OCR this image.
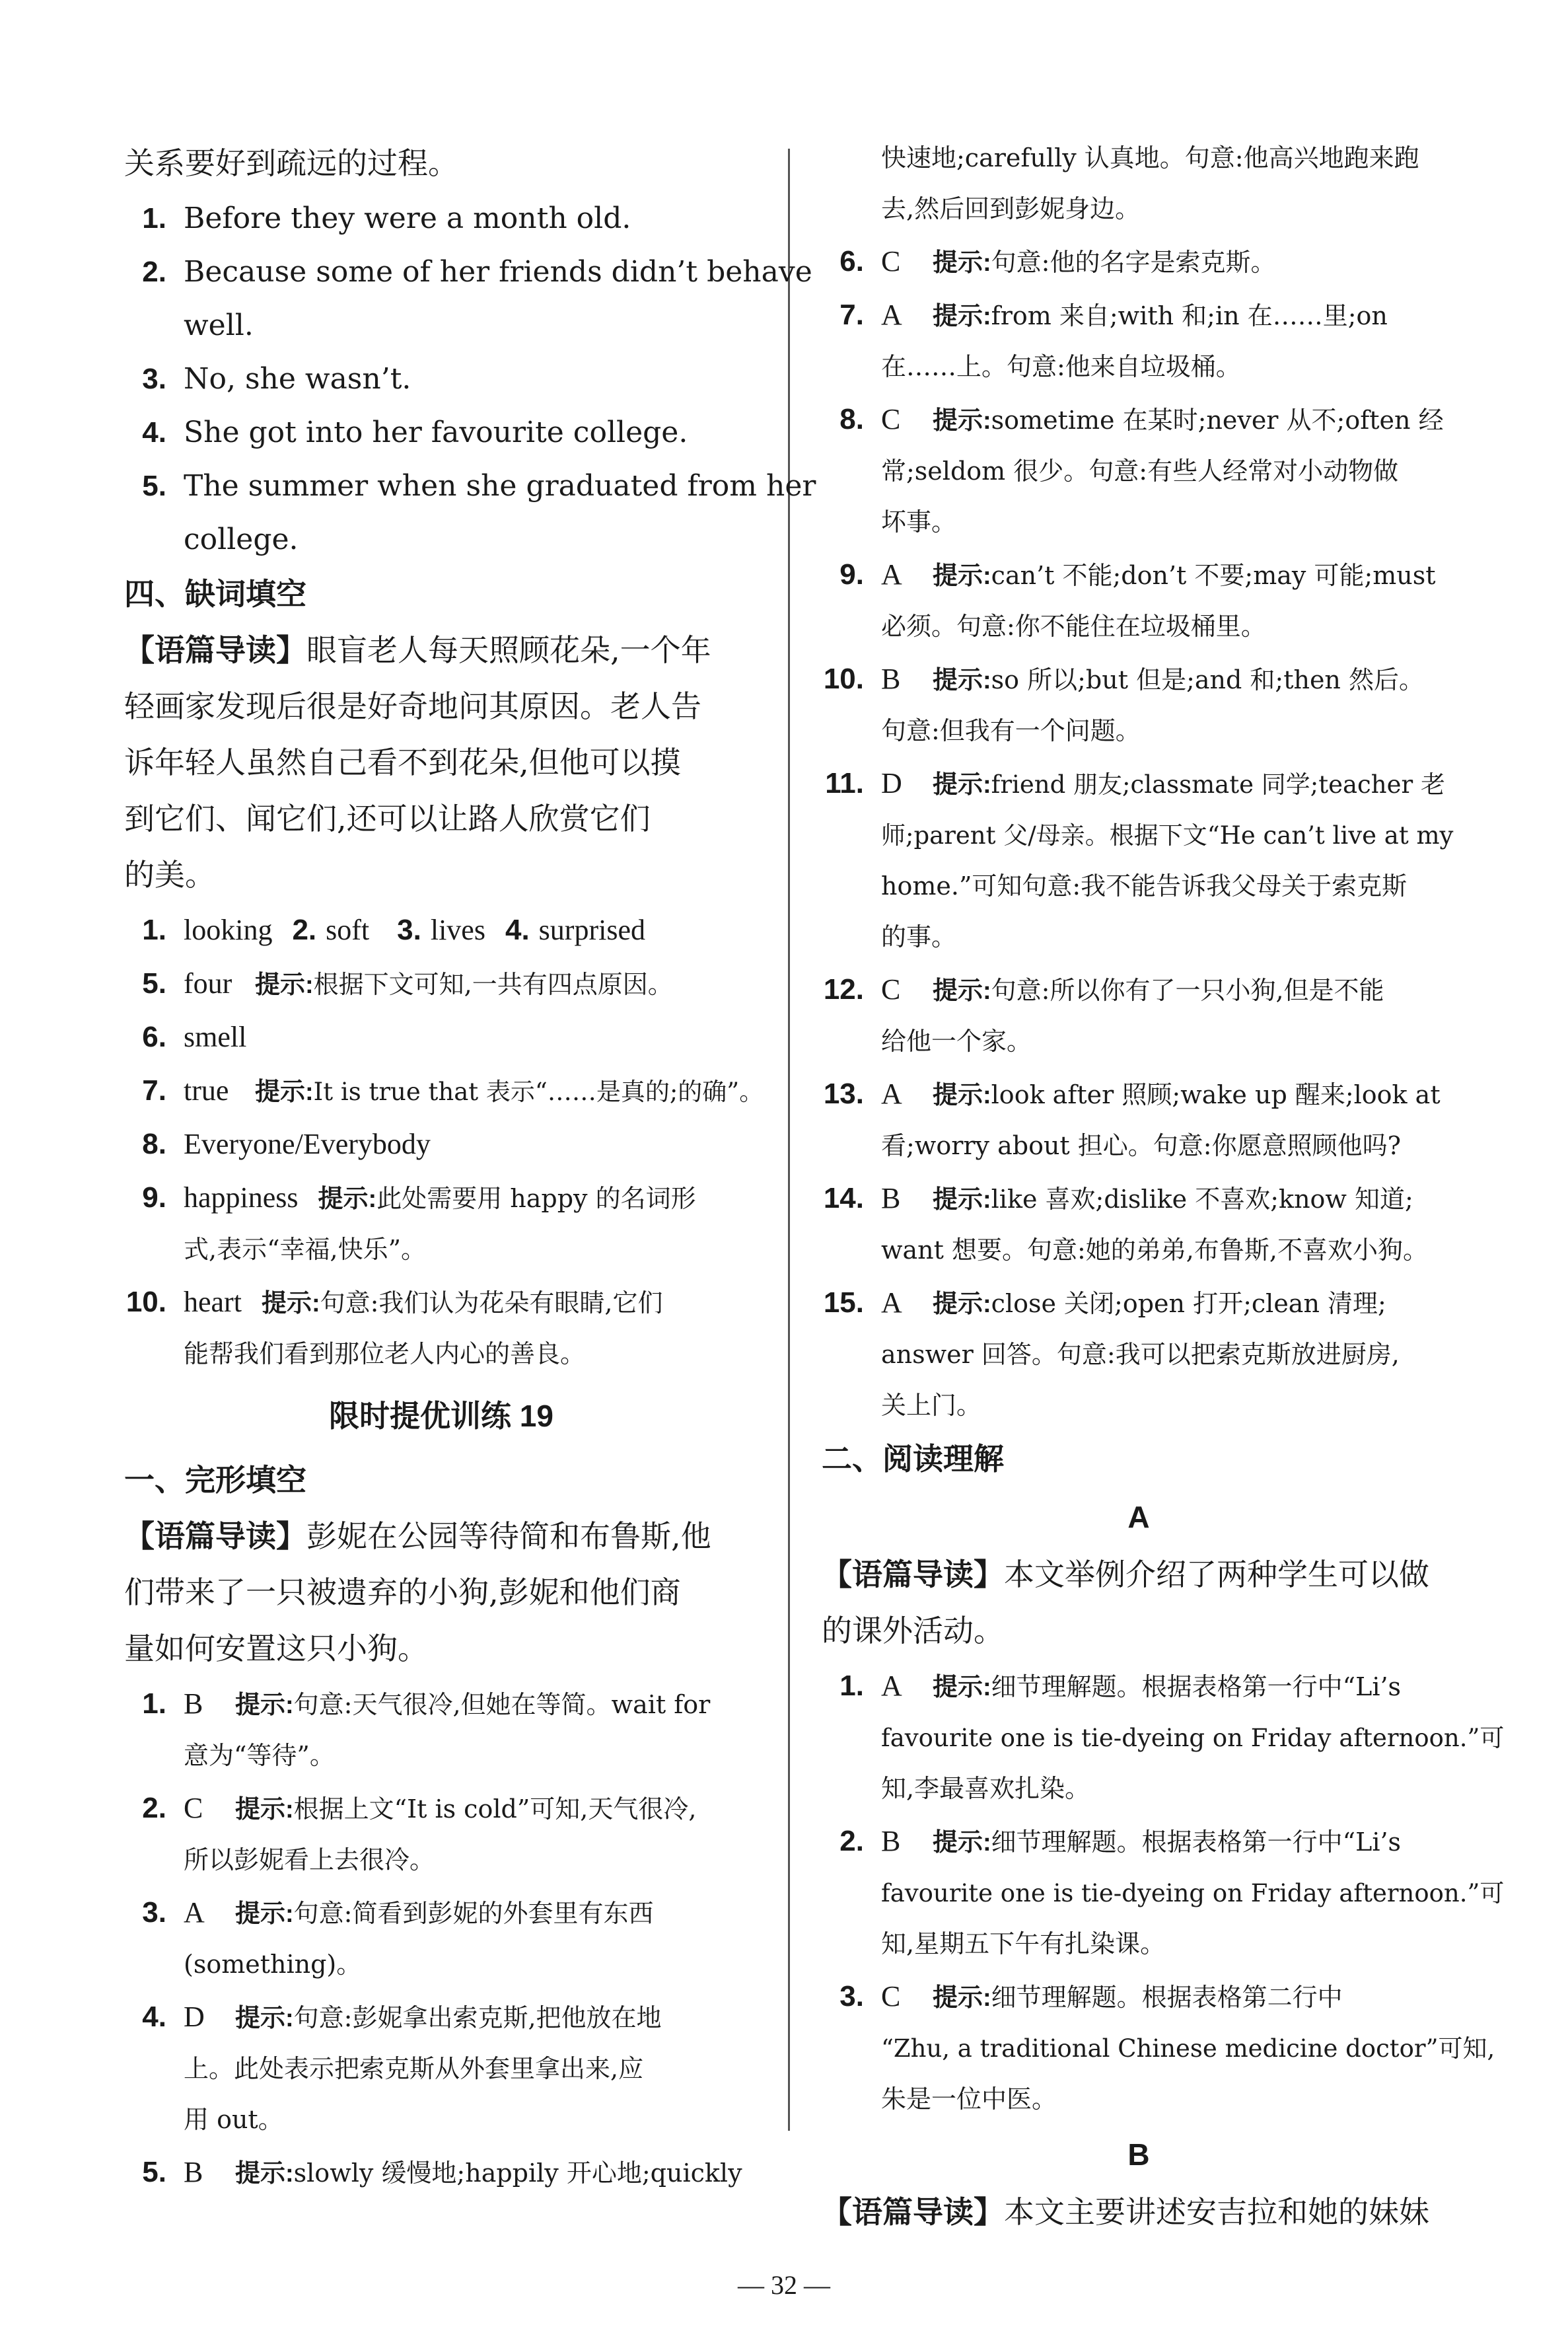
关系要好到疏远的过程。
1. Before they were a month old.
2. Because some of her friends didn’t behave
well.
3. No, she wasn’t.
4. She got into her favourite college.
5. The summer when she graduated from her
college.
四、缺词填空
【语篇导读】眼盲老人每天照顾花朵,一个年
轻画家发现后很是好奇地问其原因。老人告
诉年轻人虽然自己看不到花朵,但他可以摸
到它们、闻它们,还可以让路人欣赏它们
的美。
1. looking 2. soft 3. lives 4. surprised
5. four 提示:根据下文可知,一共有四点原因。
6. smell
7. true 提示:It is true that 表示“……是真的;的确”。
8. Everyone/Everybody
9. happiness 提示:此处需要用 happy 的名词形
式,表示“幸福,快乐”。
10. heart 提示:句意:我们认为花朵有眼睛,它们
能帮我们看到那位老人内心的善良。
限时提优训练 19
一、完形填空
【语篇导读】彭妮在公园等待简和布鲁斯,他
们带来了一只被遗弃的小狗,彭妮和他们商
量如何安置这只小狗。
1. B 提示:句意:天气很冷,但她在等简。wait for
意为“等待”。
2. C 提示:根据上文“It is cold”可知,天气很冷,
所以彭妮看上去很冷。
3. A 提示:句意:简看到彭妮的外套里有东西
(something)。
4. D 提示:句意:彭妮拿出索克斯,把他放在地
上。此处表示把索克斯从外套里拿出来,应
用 out。
5. B 提示:slowly 缓慢地;happily 开心地;quickly
快速地;carefully 认真地。句意:他高兴地跑来跑
去,然后回到彭妮身边。
6. C 提示:句意:他的名字是索克斯。
7. A 提示:from 来自;with 和;in 在……里;on
在……上。句意:他来自垃圾桶。
8. C 提示:sometime 在某时;never 从不;often 经
常;seldom 很少。句意:有些人经常对小动物做
坏事。
9. A 提示:can’t 不能;don’t 不要;may 可能;must
必须。句意:你不能住在垃圾桶里。
10. B 提示:so 所以;but 但是;and 和;then 然后。
句意:但我有一个问题。
11. D 提示:friend 朋友;classmate 同学;teacher 老
师;parent 父/母亲。根据下文“He can’t live at my
home.”可知句意:我不能告诉我父母关于索克斯
的事。
12. C 提示:句意:所以你有了一只小狗,但是不能
给他一个家。
13. A 提示:look after 照顾;wake up 醒来;look at
看;worry about 担心。句意:你愿意照顾他吗?
14. B 提示:like 喜欢;dislike 不喜欢;know 知道;
want 想要。句意:她的弟弟,布鲁斯,不喜欢小狗。
15. A 提示:close 关闭;open 打开;clean 清理;
answer 回答。句意:我可以把索克斯放进厨房,
关上门。
二、阅读理解
A
【语篇导读】本文举例介绍了两种学生可以做
的课外活动。
1. A 提示:细节理解题。根据表格第一行中“Li’s
favourite one is tie-dyeing on Friday afternoon.”可
知,李最喜欢扎染。
2. B 提示:细节理解题。根据表格第一行中“Li’s
favourite one is tie-dyeing on Friday afternoon.”可
知,星期五下午有扎染课。
3. C 提示:细节理解题。根据表格第二行中
“Zhu, a traditional Chinese medicine doctor”可知,
朱是一位中医。
B
【语篇导读】本文主要讲述安吉拉和她的妹妹
— 32 —
